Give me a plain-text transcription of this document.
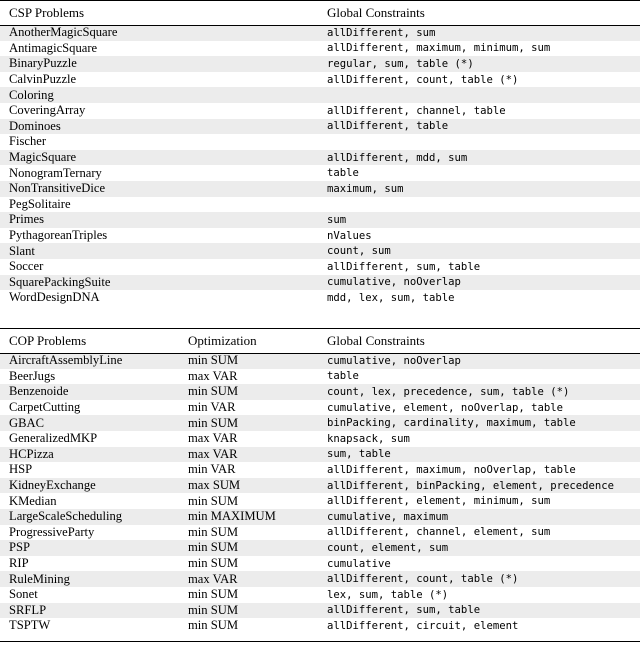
CSP Problems	Global Constraints
AnotherMagicSquare	allDifferent, sum
AntimagicSquare	allDifferent, maximum, minimum, sum
BinaryPuzzle	regular, sum, table (*)
CalvinPuzzle	allDifferent, count, table (*)
Coloring	
CoveringArray	allDifferent, channel, table
Dominoes	allDifferent, table
Fischer	
MagicSquare	allDifferent, mdd, sum
NonogramTernary	table
NonTransitiveDice	maximum, sum
PegSolitaire	
Primes	sum
PythagoreanTriples	nValues
Slant	count, sum
Soccer	allDifferent, sum, table
SquarePackingSuite	cumulative, noOverlap
WordDesignDNA	mdd, lex, sum, table
COP Problems	Optimization	Global Constraints
AircraftAssemblyLine	min SUM	cumulative, noOverlap
BeerJugs	max VAR	table
Benzenoide	min SUM	count, lex, precedence, sum, table (*)
CarpetCutting	min VAR	cumulative, element, noOverlap, table
GBAC	min SUM	binPacking, cardinality, maximum, table
GeneralizedMKP	max VAR	knapsack, sum
HCPizza	max VAR	sum, table
HSP	min VAR	allDifferent, maximum, noOverlap, table
KidneyExchange	max SUM	allDifferent, binPacking, element, precedence
KMedian	min SUM	allDifferent, element, minimum, sum
LargeScaleScheduling	min MAXIMUM	cumulative, maximum
ProgressiveParty	min SUM	allDifferent, channel, element, sum
PSP	min SUM	count, element, sum
RIP	min SUM	cumulative
RuleMining	max VAR	allDifferent, count, table (*)
Sonet	min SUM	lex, sum, table (*)
SRFLP	min SUM	allDifferent, sum, table
TSPTW	min SUM	allDifferent, circuit, element
